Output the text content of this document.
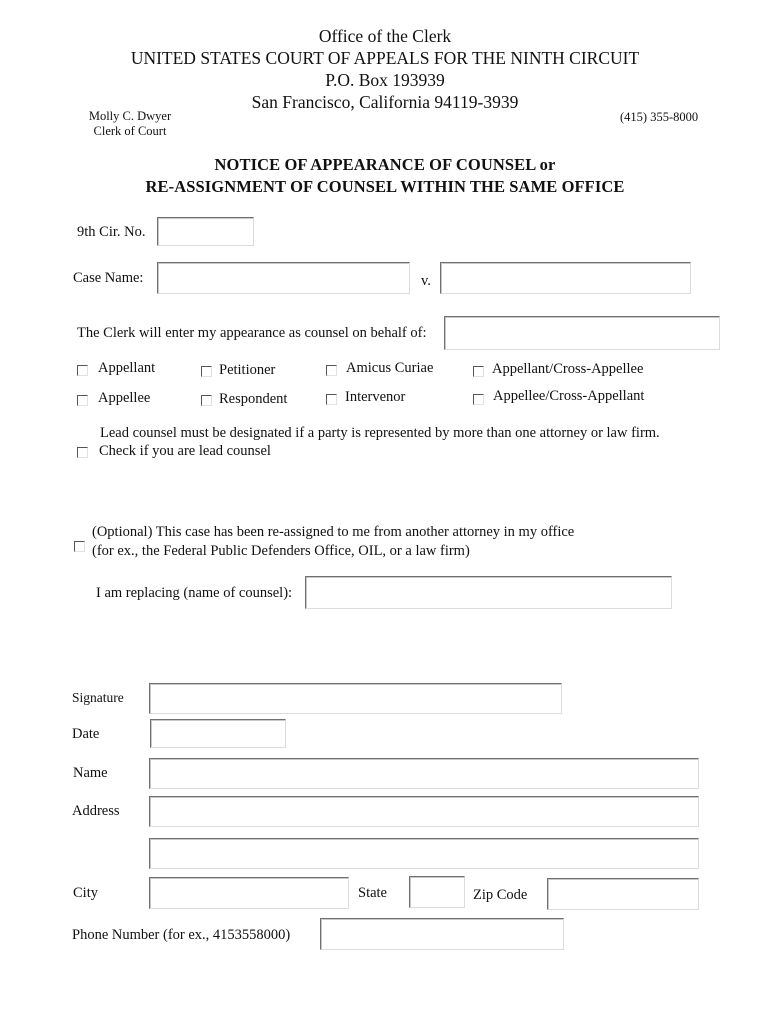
Office of the Clerk
UNITED STATES COURT OF APPEALS FOR THE NINTH CIRCUIT
P.O. Box 193939
San Francisco, California 94119-3939
Molly C. Dwyer
Clerk of Court
(415) 355-8000
NOTICE OF APPEARANCE OF COUNSEL or
RE-ASSIGNMENT OF COUNSEL WITHIN THE SAME OFFICE
9th Cir. No.
Case Name:	v.
The Clerk will enter my appearance as counsel on behalf of:
Appellant	Petitioner	Amicus Curiae	Appellant/Cross-Appellee
Appellee	Respondent	Intervenor	Appellee/Cross-Appellant
Lead counsel must be designated if a party is represented by more than one attorney or law firm.
Check if you are lead counsel
(Optional) This case has been re-assigned to me from another attorney in my office
(for ex., the Federal Public Defenders Office, OIL, or a law firm)
I am replacing (name of counsel):
Signature
Date
Name
Address
City	State	Zip Code
Phone Number (for ex., 4153558000)
